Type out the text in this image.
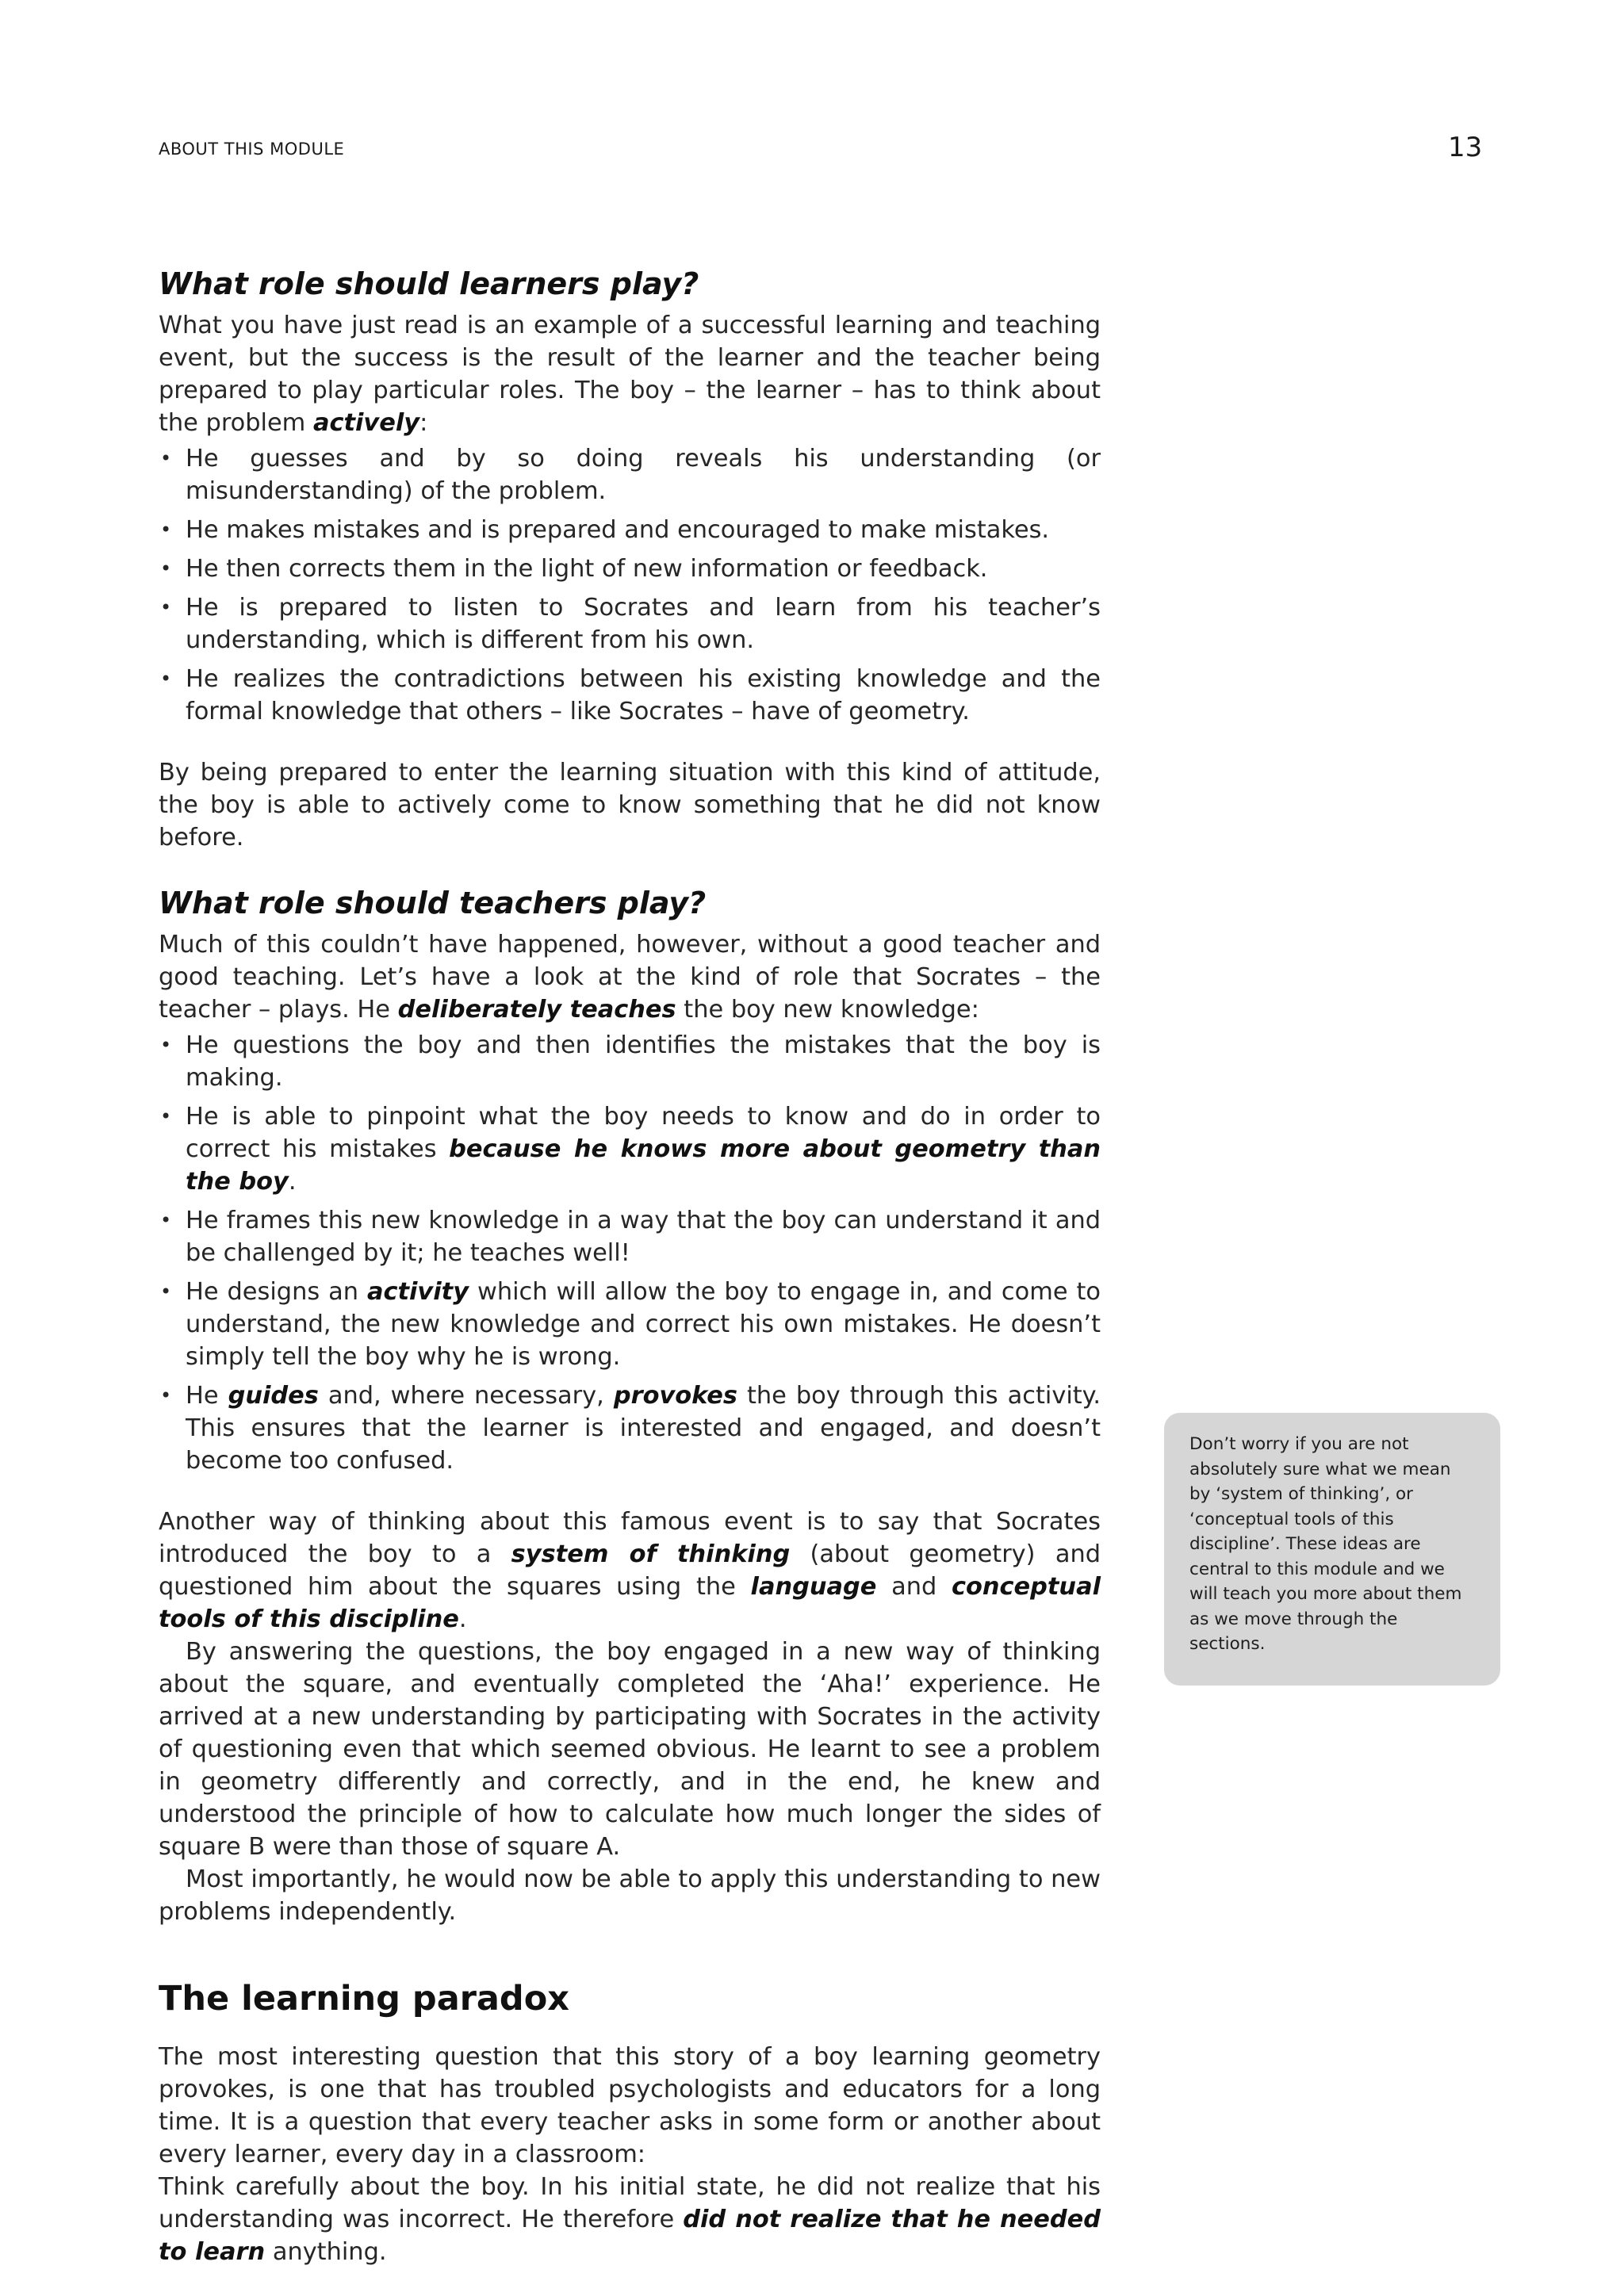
ABOUT THIS MODULE	13
What role should learners play?

What you have just read is an example of a successful learning and teaching event, but the success is the result of the learner and the teacher being prepared to play particular roles. The boy – the learner – has to think about the problem actively:

• He guesses and by so doing reveals his understanding (or misunderstanding) of the problem.
• He makes mistakes and is prepared and encouraged to make mistakes.
• He then corrects them in the light of new information or feedback.
• He is prepared to listen to Socrates and learn from his teacher’s understanding, which is different from his own.
• He realizes the contradictions between his existing knowledge and the formal knowledge that others – like Socrates – have of geometry.

By being prepared to enter the learning situation with this kind of attitude, the boy is able to actively come to know something that he did not know before.

What role should teachers play?

Much of this couldn’t have happened, however, without a good teacher and good teaching. Let’s have a look at the kind of role that Socrates – the teacher – plays. He deliberately teaches the boy new knowledge:

• He questions the boy and then identifies the mistakes that the boy is making.
• He is able to pinpoint what the boy needs to know and do in order to correct his mistakes because he knows more about geometry than the boy.
• He frames this new knowledge in a way that the boy can understand it and be challenged by it; he teaches well!
• He designs an activity which will allow the boy to engage in, and come to understand, the new knowledge and correct his own mistakes. He doesn’t simply tell the boy why he is wrong.
• He guides and, where necessary, provokes the boy through this activity. This ensures that the learner is interested and engaged, and doesn’t become too confused.

Another way of thinking about this famous event is to say that Socrates introduced the boy to a system of thinking (about geometry) and questioned him about the squares using the language and conceptual tools of this discipline.

By answering the questions, the boy engaged in a new way of thinking about the square, and eventually completed the ‘Aha!’ experience. He arrived at a new understanding by participating with Socrates in the activity of questioning even that which seemed obvious. He learnt to see a problem in geometry differently and correctly, and in the end, he knew and understood the principle of how to calculate how much longer the sides of square B were than those of square A.

Most importantly, he would now be able to apply this understanding to new problems independently.

The learning paradox

The most interesting question that this story of a boy learning geometry provokes, is one that has troubled psychologists and educators for a long time. It is a question that every teacher asks in some form or another about every learner, every day in a classroom:

Think carefully about the boy. In his initial state, he did not realize that his understanding was incorrect. He therefore did not realize that he needed to learn anything.

Don’t worry if you are not absolutely sure what we mean by ‘system of thinking’, or ‘conceptual tools of this discipline’. These ideas are central to this module and we will teach you more about them as we move through the sections.
